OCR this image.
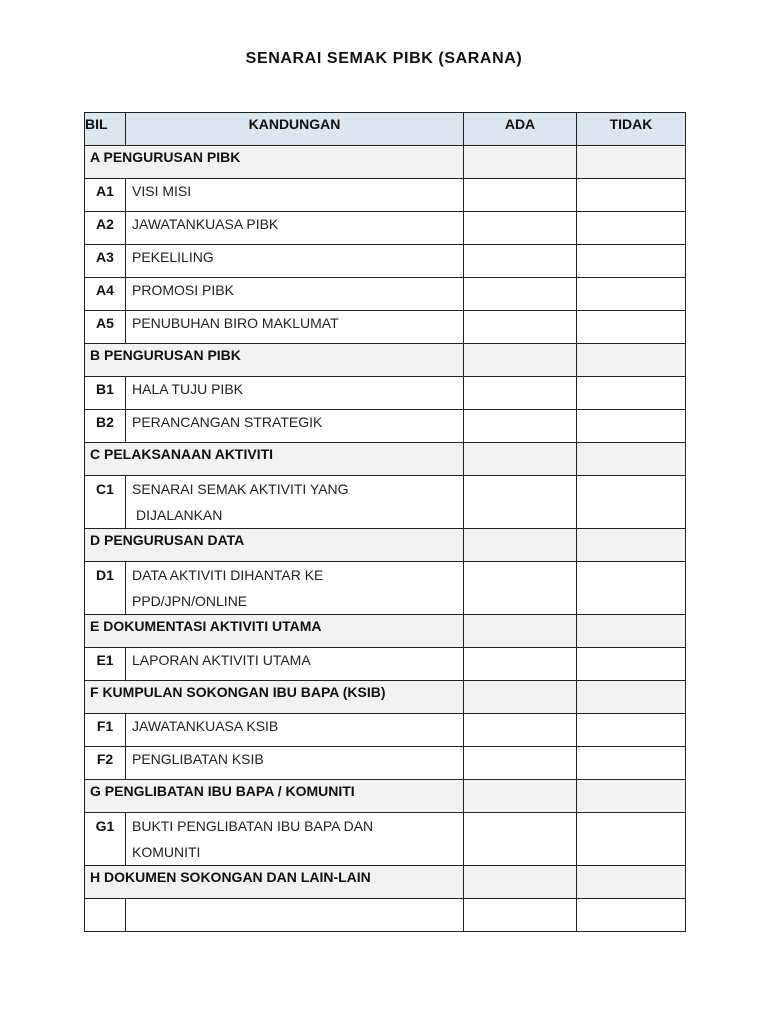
SENARAI SEMAK PIBK (SARANA)
BIL	KANDUNGAN	ADA	TIDAK
A PENGURUSAN PIBK			
A1	VISI MISI		

A2	JAWATANKUASA PIBK		

A3	PEKELILING		

A4	PROMOSI PIBK		

A5	PENUBUHAN BIRO MAKLUMAT		

B PENGURUSAN PIBK			
B1	HALA TUJU PIBK		

B2	PERANCANGAN STRATEGIK		

C PELAKSANAAN AKTIVITI			
C1	SENARAI SEMAK AKTIVITI YANG
DIJALANKAN		

D PENGURUSAN DATA			
D1	DATA AKTIVITI DIHANTAR KE
PPD/JPN/ONLINE		

E DOKUMENTASI AKTIVITI UTAMA			
E1	LAPORAN AKTIVITI UTAMA		

F KUMPULAN SOKONGAN IBU BAPA (KSIB)			
F1	JAWATANKUASA KSIB		

F2	PENGLIBATAN KSIB		

G PENGLIBATAN IBU BAPA / KOMUNITI			
G1	BUKTI PENGLIBATAN IBU BAPA DAN
KOMUNITI		

H DOKUMEN SOKONGAN DAN LAIN-LAIN			
